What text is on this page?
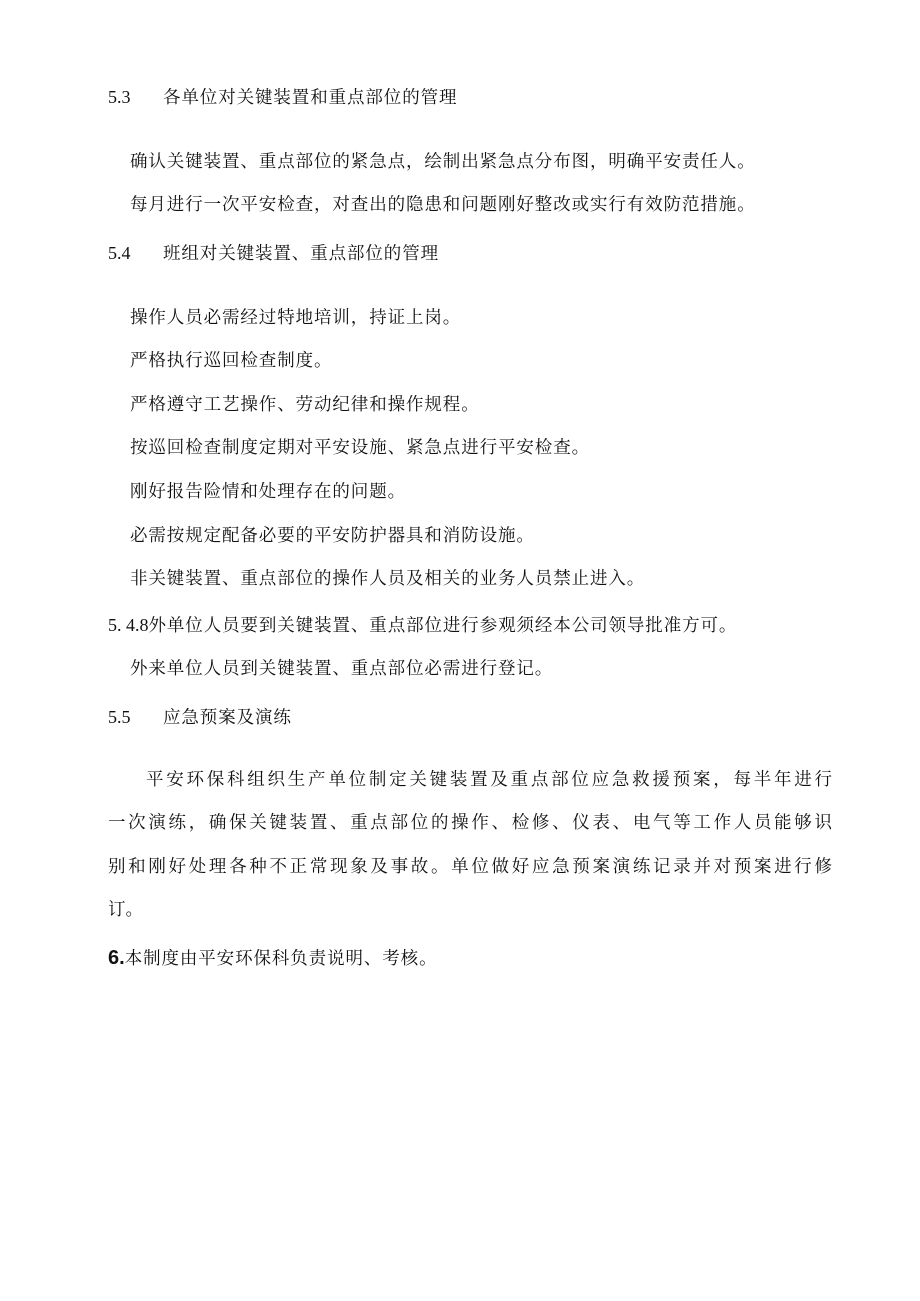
5.3 各单位对关键装置和重点部位的管理
确认关键装置、重点部位的紧急点，绘制出紧急点分布图，明确平安责任人。
每月进行一次平安检查，对查出的隐患和问题刚好整改或实行有效防范措施。
5.4 班组对关键装置、重点部位的管理
操作人员必需经过特地培训，持证上岗。
严格执行巡回检查制度。
严格遵守工艺操作、劳动纪律和操作规程。
按巡回检查制度定期对平安设施、紧急点进行平安检查。
刚好报告险情和处理存在的问题。
必需按规定配备必要的平安防护器具和消防设施。
非关键装置、重点部位的操作人员及相关的业务人员禁止进入。
5. 4.8外单位人员要到关键装置、重点部位进行参观须经本公司领导批准方可。
外来单位人员到关键装置、重点部位必需进行登记。
5.5 应急预案及演练
平安环保科组织生产单位制定关键装置及重点部位应急救援预案，每半年进行
一次演练，确保关键装置、重点部位的操作、检修、仪表、电气等工作人员能够识
别和刚好处理各种不正常现象及事故。单位做好应急预案演练记录并对预案进行修
订。
6.本制度由平安环保科负责说明、考核。
